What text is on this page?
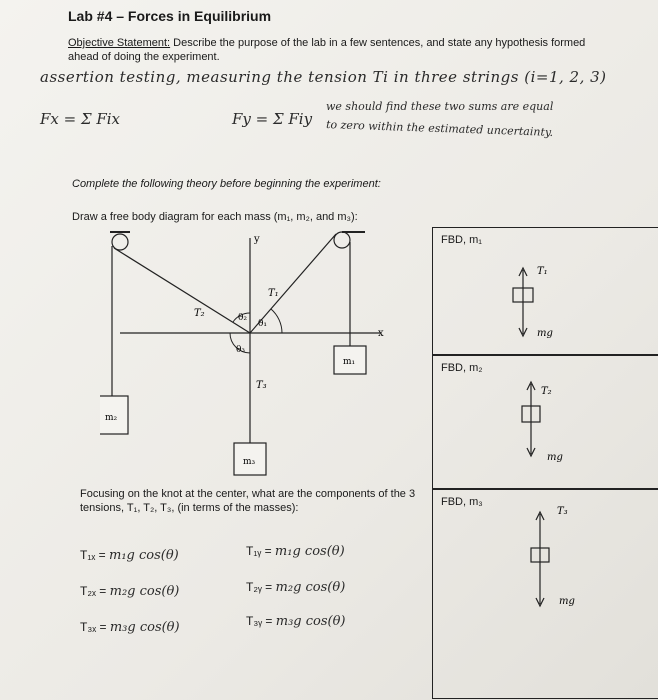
Lab #4 – Forces in Equilibrium
Objective Statement: Describe the purpose of the lab in a few sentences, and state any hypothesis formed ahead of doing the experiment.
assertion testing, measuring the tension Ti in three strings (i=1, 2, 3)
Fx = Σ Fix	Fy = Σ Fiy
we should find these two sums are equal
to zero within the estimated uncertainty.
Complete the following theory before beginning the experiment:
Draw a free body diagram for each mass (m₁, m₂, and m₃):
y
x
θ₁
θ₂
θ₃
T₂
T₁
T₃
m₁
m₂
m₃
FBD, m₁
T₁
mg
FBD, m₂
T₂
mg
FBD, m₃
T₃
mg
Focusing on the knot at the center, what are the components of the 3 tensions, T₁, T₂, T₃, (in terms of the masses):
T₁ₓ = m₁g cos(θ)	T₁ᵧ = m₁g cos(θ)
T₂ₓ = m₂g cos(θ)	T₂ᵧ = m₂g cos(θ)
T₃ₓ = m₃g cos(θ)	T₃ᵧ = m₃g cos(θ)
